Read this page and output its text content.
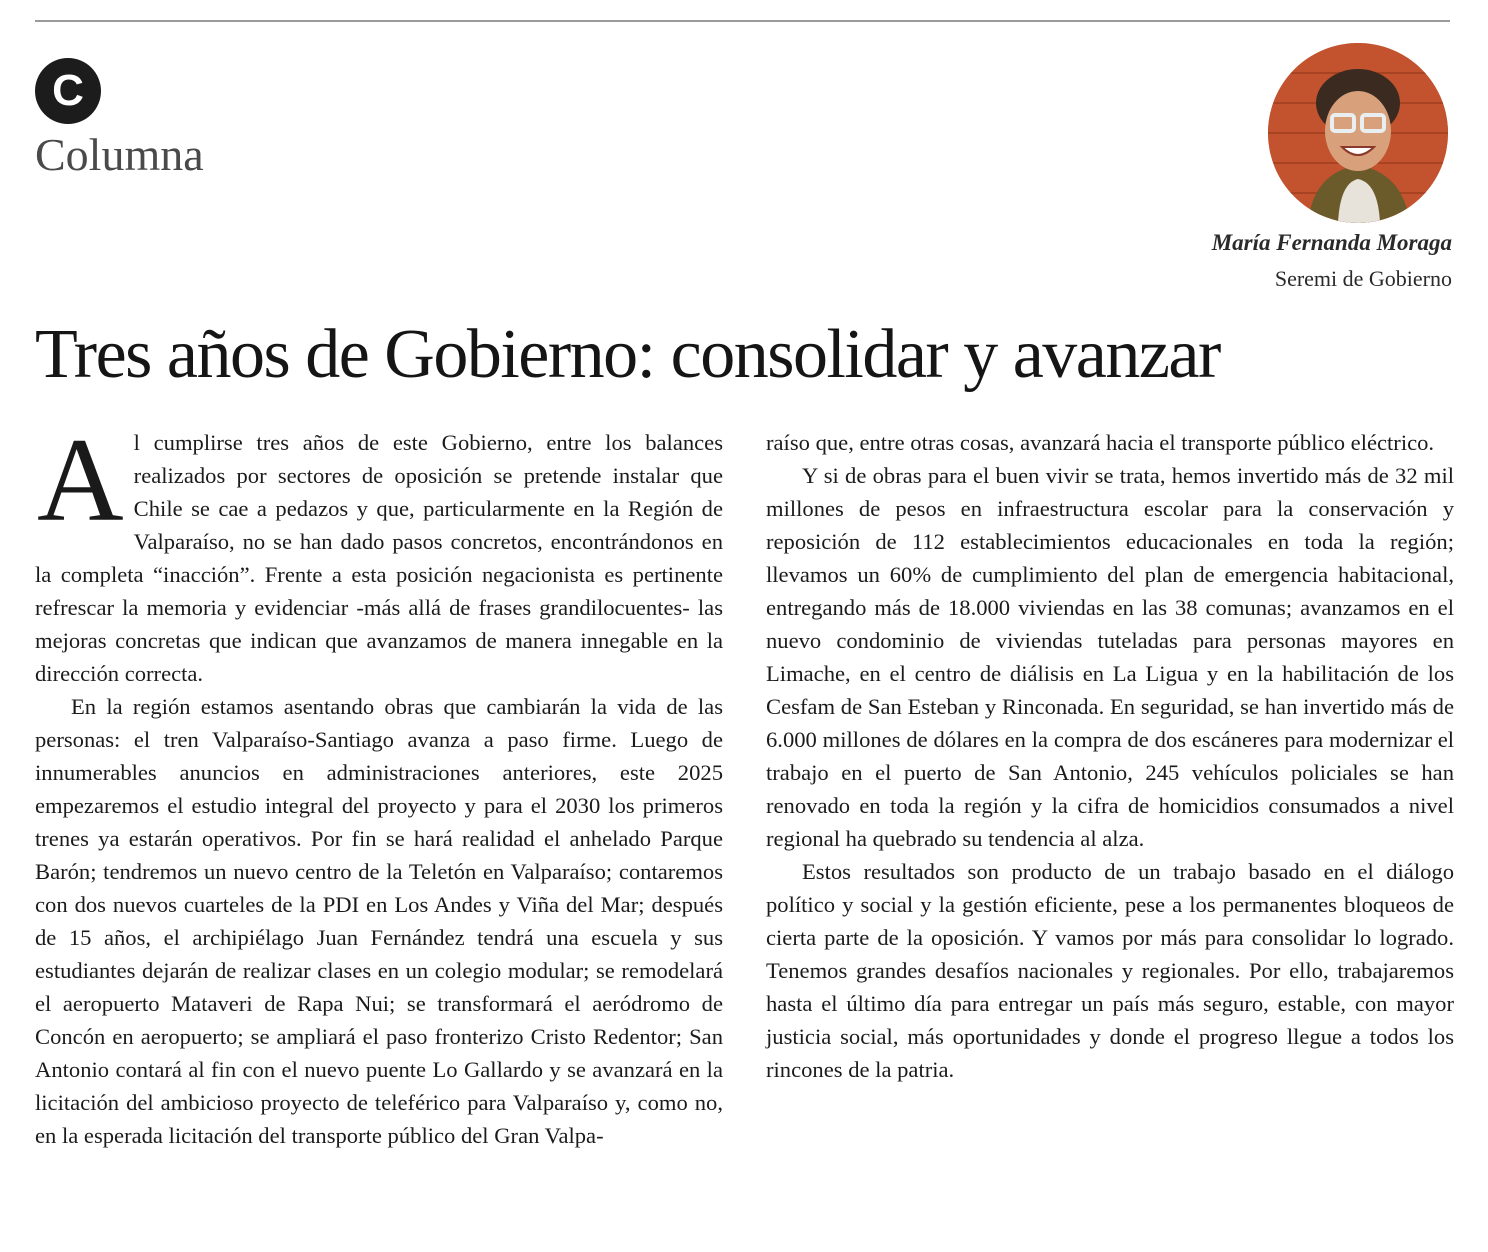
C
Columna
María Fernanda Moraga
Seremi de Gobierno
Tres años de Gobierno: consolidar y avanzar

Al cumplirse tres años de este Gobierno, entre los balances realizados por sectores de oposición se pretende instalar que Chile se cae a pedazos y que, particularmente en la Región de Valparaíso, no se han dado pasos concretos, encontrándonos en la completa “inacción”. Frente a esta posición negacionista es pertinente refrescar la memoria y evidenciar -más allá de frases grandilocuentes- las mejoras concretas que indican que avanzamos de manera innegable en la dirección correcta.

En la región estamos asentando obras que cambiarán la vida de las personas: el tren Valparaíso-Santiago avanza a paso firme. Luego de innumerables anuncios en administraciones anteriores, este 2025 empezaremos el estudio integral del proyecto y para el 2030 los primeros trenes ya estarán operativos. Por fin se hará realidad el anhelado Parque Barón; tendremos un nuevo centro de la Teletón en Valparaíso; contaremos con dos nuevos cuarteles de la PDI en Los Andes y Viña del Mar; después de 15 años, el archipiélago Juan Fernández tendrá una escuela y sus estudiantes dejarán de realizar clases en un colegio modular; se remodelará el aeropuerto Mataveri de Rapa Nui; se transformará el aeródromo de Concón en aeropuerto; se ampliará el paso fronterizo Cristo Redentor; San Antonio contará al fin con el nuevo puente Lo Gallardo y se avanzará en la licitación del ambicioso proyecto de teleférico para Valparaíso y, como no, en la esperada licitación del transporte público del Gran Valpa-

raíso que, entre otras cosas, avanzará hacia el transporte público eléctrico.

Y si de obras para el buen vivir se trata, hemos invertido más de 32 mil millones de pesos en infraestructura escolar para la conservación y reposición de 112 establecimientos educacionales en toda la región; llevamos un 60% de cumplimiento del plan de emergencia habitacional, entregando más de 18.000 viviendas en las 38 comunas; avanzamos en el nuevo condominio de viviendas tuteladas para personas mayores en Limache, en el centro de diálisis en La Ligua y en la habilitación de los Cesfam de San Esteban y Rinconada. En seguridad, se han invertido más de 6.000 millones de dólares en la compra de dos escáneres para modernizar el trabajo en el puerto de San Antonio, 245 vehículos policiales se han renovado en toda la región y la cifra de homicidios consumados a nivel regional ha quebrado su tendencia al alza.

Estos resultados son producto de un trabajo basado en el diálogo político y social y la gestión eficiente, pese a los permanentes bloqueos de cierta parte de la oposición. Y vamos por más para consolidar lo logrado. Tenemos grandes desafíos nacionales y regionales. Por ello, trabajaremos hasta el último día para entregar un país más seguro, estable, con mayor justicia social, más oportunidades y donde el progreso llegue a todos los rincones de la patria.
